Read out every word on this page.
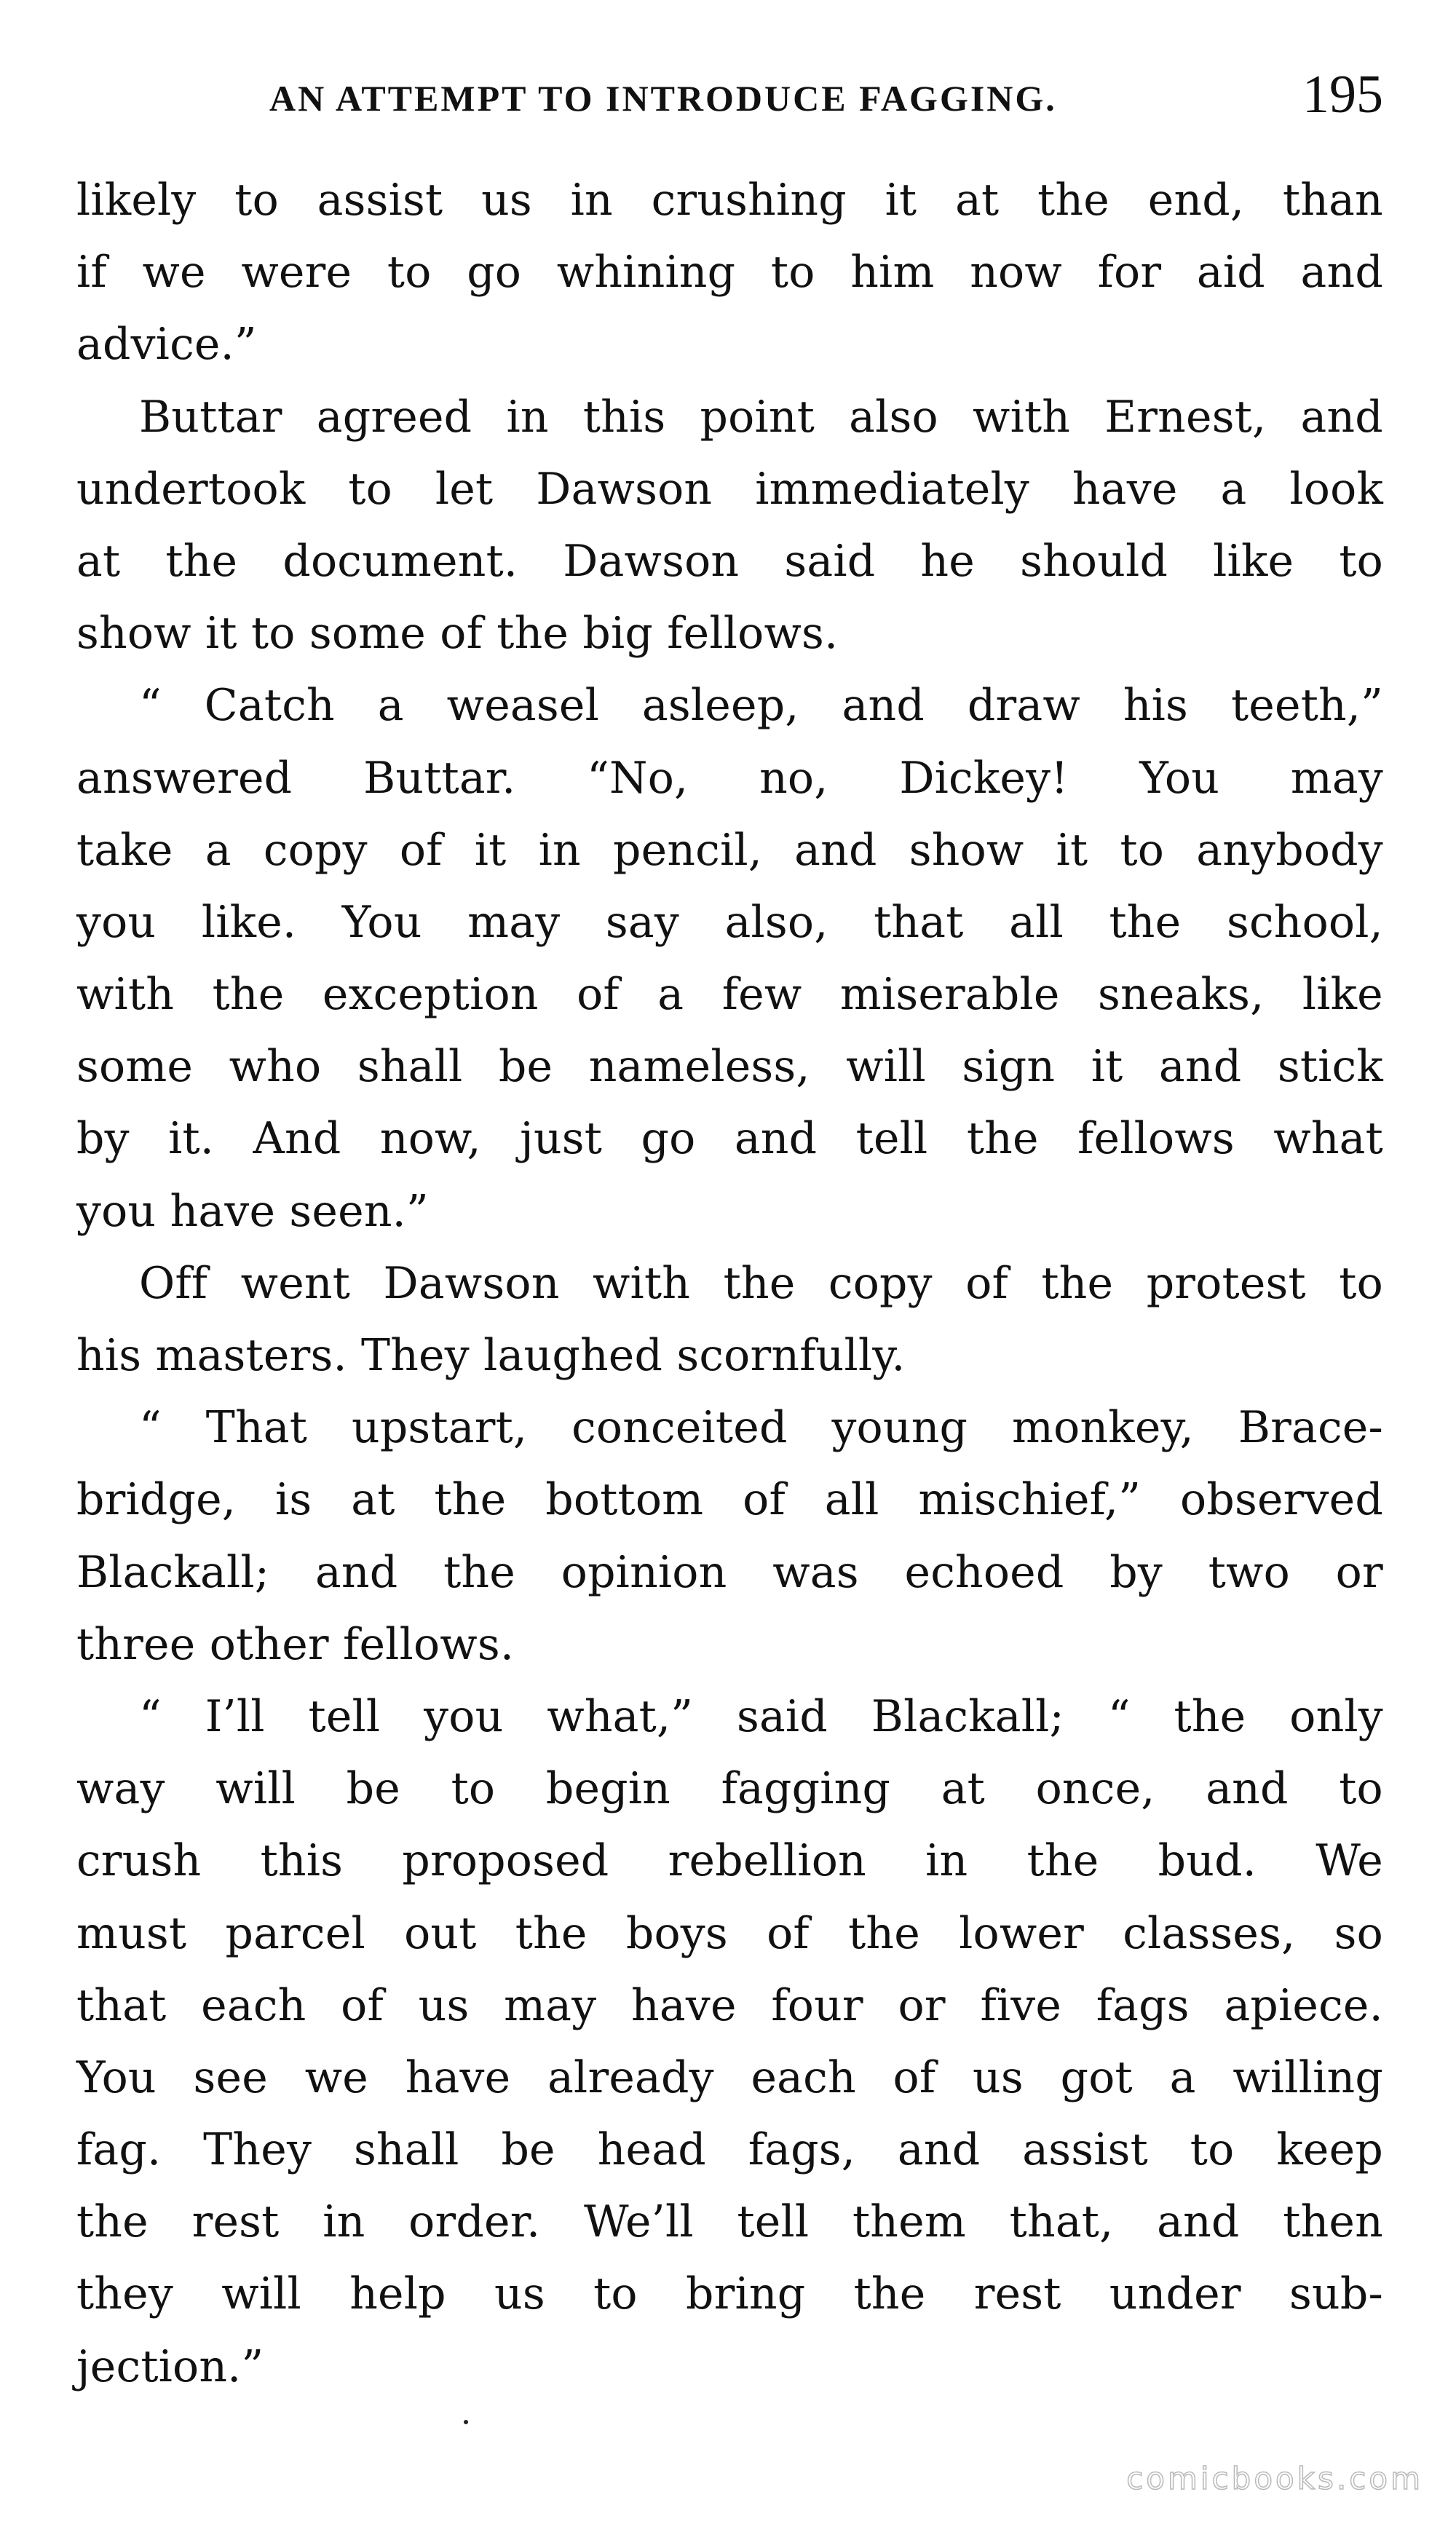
AN ATTEMPT TO INTRODUCE FAGGING.	195
likely to assist us in crushing it at the end, than
if we were to go whining to him now for aid and
advice.”
Buttar agreed in this point also with Ernest, and
undertook to let Dawson immediately have a look
at the document. Dawson said he should like to
show it to some of the big fellows.
“ Catch a weasel asleep, and draw his teeth,”
answered Buttar. “No, no, Dickey! You may
take a copy of it in pencil, and show it to anybody
you like. You may say also, that all the school,
with the exception of a few miserable sneaks, like
some who shall be nameless, will sign it and stick
by it. And now, just go and tell the fellows what
you have seen.”
Off went Dawson with the copy of the protest to
his masters. They laughed scornfully.
“ That upstart, conceited young monkey, Brace-
bridge, is at the bottom of all mischief,” observed
Blackall; and the opinion was echoed by two or
three other fellows.
“ I’ll tell you what,” said Blackall; “ the only
way will be to begin fagging at once, and to
crush this proposed rebellion in the bud. We
must parcel out the boys of the lower classes, so
that each of us may have four or five fags apiece.
You see we have already each of us got a willing
fag. They shall be head fags, and assist to keep
the rest in order. We’ll tell them that, and then
they will help us to bring the rest under sub-
jection.”
comicbooks.com
